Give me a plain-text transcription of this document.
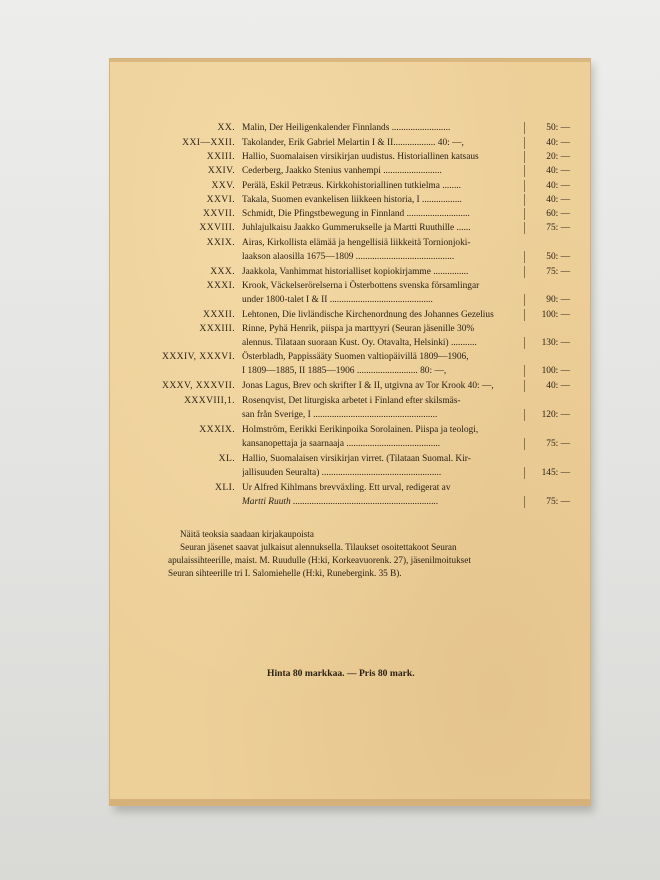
XX. Malin, Der Heiligenkalender Finnlands .........................	50: —
XXI—XXII. Takolander, Erik Gabriel Melartin I & II.................. 40: —,	40: —
XXIII. Hallio, Suomalaisen virsikirjan uudistus. Historiallinen katsaus	20: —
XXIV. Cederberg, Jaakko Stenius vanhempi .........................	40: —
XXV. Perälä, Eskil Petræus. Kirkkohistoriallinen tutkielma ........	40: —
XXVI. Takala, Suomen evankelisen liikkeen historia, I .................	40: —
XXVII. Schmidt, Die Pfingstbewegung in Finnland ...........................	60: —
XXVIII. Juhlajulkaisu Jaakko Gummerukselle ja Martti Ruuthille ......	75: —
XXIX. Airas, Kirkollista elämää ja hengellisiä liikkeitä Tornionjoki-
laakson alaosilla 1675—1809 ..........................................	50: —
XXX. Jaakkola, Vanhimmat historialliset kopiokirjamme ...............	75: —
XXXI. Krook, Väckelserörelserna i Österbottens svenska församlingar
under 1800-talet I & II ............................................	90: —
XXXII. Lehtonen, Die livländische Kirchenordnung des Johannes Gezelius	100: —
XXXIII. Rinne, Pyhä Henrik, piispa ja marttyyri (Seuran jäsenille 30%
alennus. Tilataan suoraan Kust. Oy. Otavalta, Helsinki) ...........	130: —
XXXIV, XXXVI. Österbladh, Pappissääty Suomen valtiopäivillä 1809—1906,
I 1809—1885, II 1885—1906 .......................... 80: —,	100: —
XXXV, XXXVII. Jonas Lagus, Brev och skrifter I & II, utgivna av Tor Krook 40: —,	40: —
XXXVIII,1. Rosenqvist, Det liturgiska arbetet i Finland efter skilsmäs-
san från Sverige, I .....................................................	120: —
XXXIX. Holmström, Eerikki Eerikinpoika Sorolainen. Piispa ja teologi,
kansanopettaja ja saarnaaja ........................................	75: —
XL. Hallio, Suomalaisen virsikirjan virret. (Tilataan Suomal. Kir-
jallisuuden Seuralta) ...................................................	145: —
XLI. Ur Alfred Kihlmans brevväxling. Ett urval, redigerat av
Martti Ruuth ..............................................................	75: —
Näitä teoksia saadaan kirjakaupoista
Seuran jäsenet saavat julkaisut alennuksella. Tilaukset osoitettakoot Seuran
apulaissihteerille, maist. M. Ruudulle (H:ki, Korkeavuorenk. 27), jäsenilmoitukset
Seuran sihteerille tri I. Salomiehelle (H:ki, Runebergink. 35 B).
Hinta 80 markkaa. — Pris 80 mark.
